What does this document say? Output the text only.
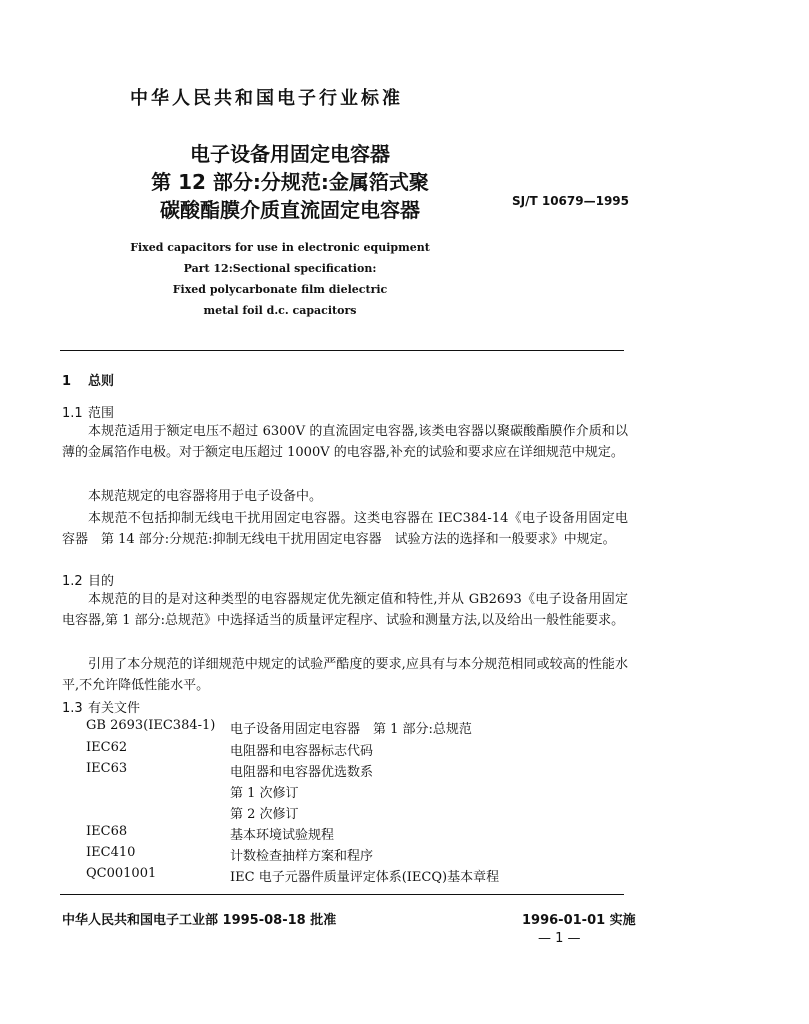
中华人民共和国电子行业标准
电子设备用固定电容器
第 12 部分:分规范:金属箔式聚
碳酸酯膜介质直流固定电容器	SJ/T 10679—1995
Fixed capacitors for use in electronic equipment
Part 12:Sectional specification:
Fixed polycarbonate film dielectric
metal foil d.c. capacitors
1 总则
1.1 范围
本规范适用于额定电压不超过 6300V 的直流固定电容器,该类电容器以聚碳酸酯膜作介质和以薄的金属箔作电极。对于额定电压超过 1000V 的电容器,补充的试验和要求应在详细规范中规定。
本规范规定的电容器将用于电子设备中。
本规范不包括抑制无线电干扰用固定电容器。这类电容器在 IEC384-14《电子设备用固定电容器　第 14 部分:分规范:抑制无线电干扰用固定电容器　试验方法的选择和一般要求》中规定。
1.2 目的
本规范的目的是对这种类型的电容器规定优先额定值和特性,并从 GB2693《电子设备用固定电容器,第 1 部分:总规范》中选择适当的质量评定程序、试验和测量方法,以及给出一般性能要求。
引用了本分规范的详细规范中规定的试验严酷度的要求,应具有与本分规范相同或较高的性能水平,不允许降低性能水平。
1.3 有关文件
GB 2693(IEC384-1) 电子设备用固定电容器　第 1 部分:总规范
IEC62	电阻器和电容器标志代码
IEC63	电阻器和电容器优选数系
第 1 次修订
第 2 次修订
IEC68	基本环境试验规程
IEC410	计数检查抽样方案和程序
QC001001	IEC 电子元器件质量评定体系(IECQ)基本章程
中华人民共和国电子工业部 1995-08-18 批准	1996-01-01 实施
— 1 —
